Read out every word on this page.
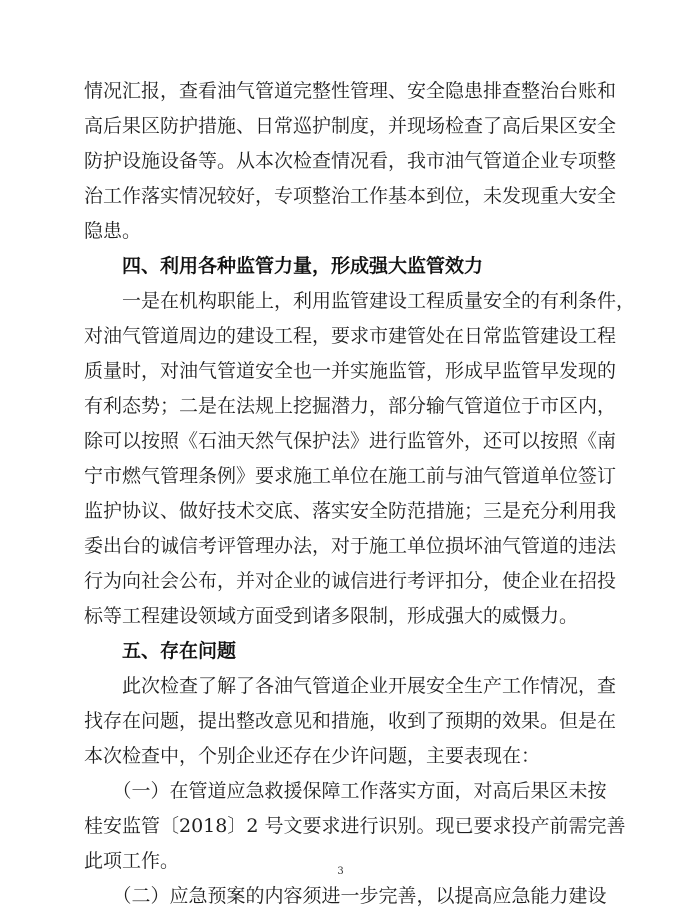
情况汇报，查看油气管道完整性管理、安全隐患排查整治台账和
高后果区防护措施、日常巡护制度，并现场检查了高后果区安全
防护设施设备等。从本次检查情况看，我市油气管道企业专项整
治工作落实情况较好，专项整治工作基本到位，未发现重大安全
隐患。
四、利用各种监管力量，形成强大监管效力
　　一是在机构职能上，利用监管建设工程质量安全的有利条件，
对油气管道周边的建设工程，要求市建管处在日常监管建设工程
质量时，对油气管道安全也一并实施监管，形成早监管早发现的
有利态势；二是在法规上挖掘潜力，部分输气管道位于市区内，
除可以按照《石油天然气保护法》进行监管外，还可以按照《南
宁市燃气管理条例》要求施工单位在施工前与油气管道单位签订
监护协议、做好技术交底、落实安全防范措施；三是充分利用我
委出台的诚信考评管理办法，对于施工单位损坏油气管道的违法
行为向社会公布，并对企业的诚信进行考评扣分，使企业在招投
标等工程建设领域方面受到诸多限制，形成强大的威慑力。
五、存在问题
　　此次检查了解了各油气管道企业开展安全生产工作情况，查
找存在问题，提出整改意见和措施，收到了预期的效果。但是在
本次检查中，个别企业还存在少许问题，主要表现在：
　　（一）在管道应急救援保障工作落实方面，对高后果区未按
桂安监管〔2018〕2 号文要求进行识别。现已要求投产前需完善
此项工作。
　　（二）应急预案的内容须进一步完善，以提高应急能力建设
3
